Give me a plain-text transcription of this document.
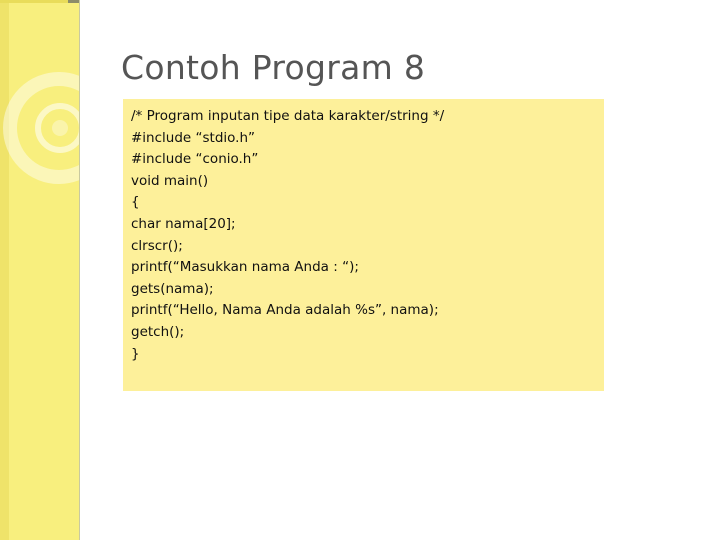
Contoh Program 8
/* Program inputan tipe data karakter/string */
#include “stdio.h”
#include “conio.h”
void main()
{
char nama[20];
clrscr();
printf(“Masukkan nama Anda : “);
gets(nama);
printf(“Hello, Nama Anda adalah %s”, nama);
getch();
}
